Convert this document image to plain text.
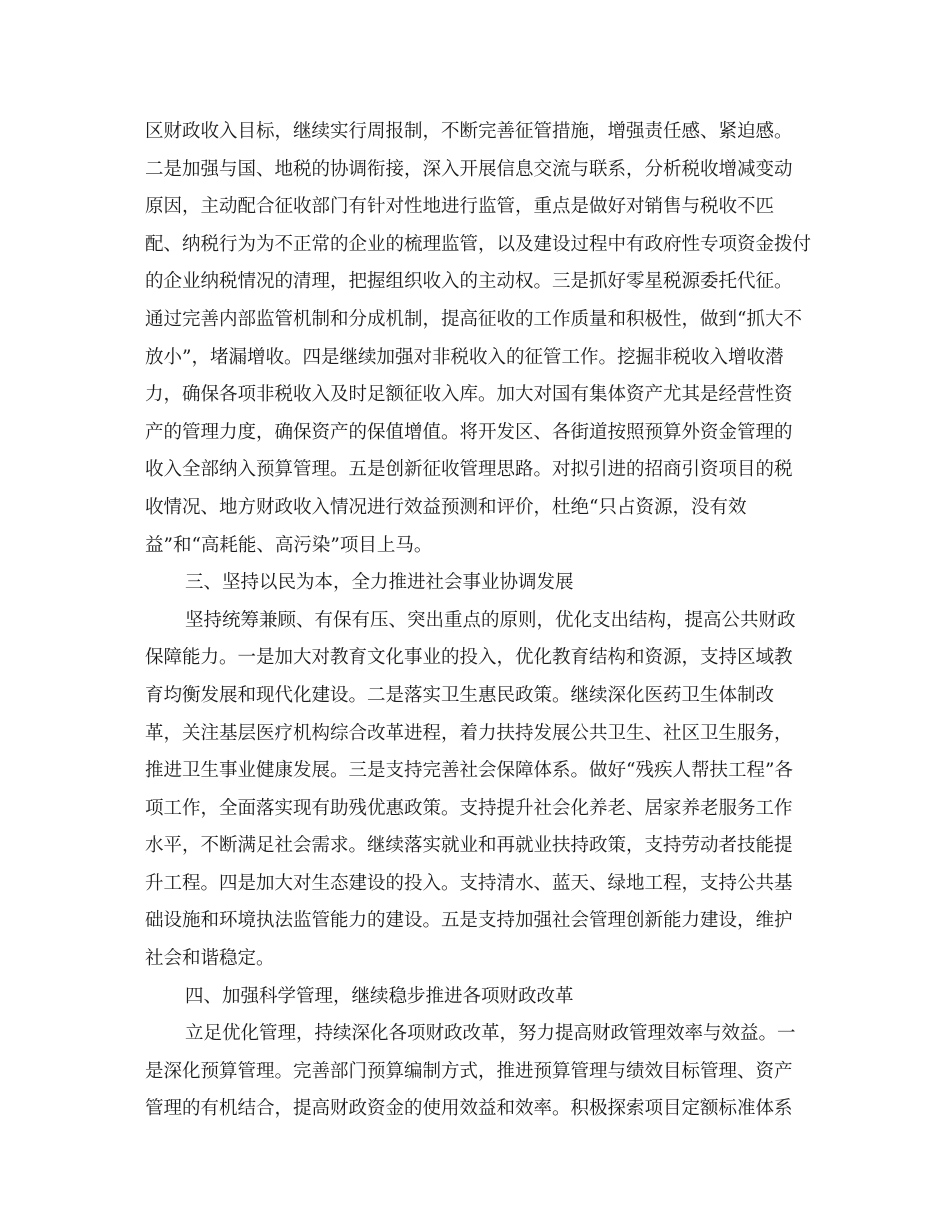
区财政收入目标，继续实行周报制，不断完善征管措施，增强责任感、紧迫感。
二是加强与国、地税的协调衔接，深入开展信息交流与联系，分析税收增减变动
原因，主动配合征收部门有针对性地进行监管，重点是做好对销售与税收不匹
配、纳税行为为不正常的企业的梳理监管，以及建设过程中有政府性专项资金拨付
的企业纳税情况的清理，把握组织收入的主动权。三是抓好零星税源委托代征。
通过完善内部监管机制和分成机制，提高征收的工作质量和积极性，做到“抓大不
放小”，堵漏增收。四是继续加强对非税收入的征管工作。挖掘非税收入增收潜
力，确保各项非税收入及时足额征收入库。加大对国有集体资产尤其是经营性资
产的管理力度，确保资产的保值增值。将开发区、各街道按照预算外资金管理的
收入全部纳入预算管理。五是创新征收管理思路。对拟引进的招商引资项目的税
收情况、地方财政收入情况进行效益预测和评价，杜绝“只占资源，没有效
益”和“高耗能、高污染”项目上马。
三、坚持以民为本，全力推进社会事业协调发展
坚持统筹兼顾、有保有压、突出重点的原则，优化支出结构，提高公共财政
保障能力。一是加大对教育文化事业的投入，优化教育结构和资源，支持区域教
育均衡发展和现代化建设。二是落实卫生惠民政策。继续深化医药卫生体制改
革，关注基层医疗机构综合改革进程，着力扶持发展公共卫生、社区卫生服务，
推进卫生事业健康发展。三是支持完善社会保障体系。做好“残疾人帮扶工程”各
项工作，全面落实现有助残优惠政策。支持提升社会化养老、居家养老服务工作
水平，不断满足社会需求。继续落实就业和再就业扶持政策，支持劳动者技能提
升工程。四是加大对生态建设的投入。支持清水、蓝天、绿地工程，支持公共基
础设施和环境执法监管能力的建设。五是支持加强社会管理创新能力建设，维护
社会和谐稳定。
四、加强科学管理，继续稳步推进各项财政改革
立足优化管理，持续深化各项财政改革，努力提高财政管理效率与效益。一
是深化预算管理。完善部门预算编制方式，推进预算管理与绩效目标管理、资产
管理的有机结合，提高财政资金的使用效益和效率。积极探索项目定额标准体系
